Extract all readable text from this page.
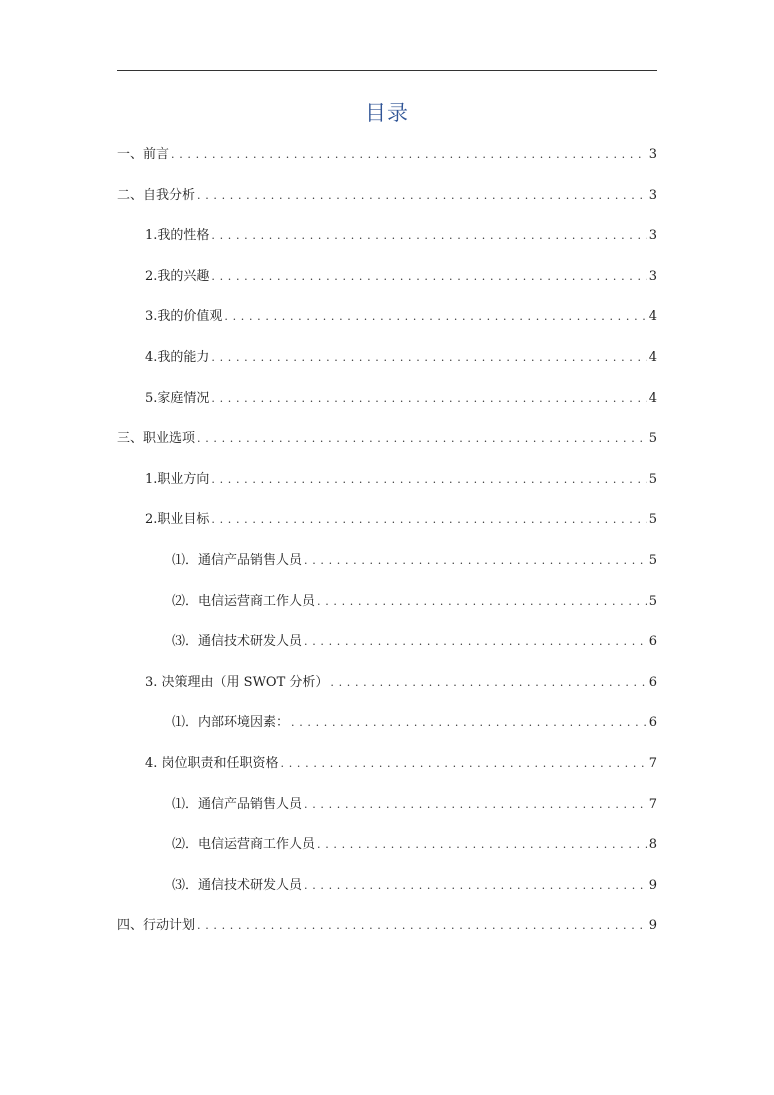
目录
一、前言 . . .	3
二、自我分析 . . .	3
1.我的性格 . . .	3
2.我的兴趣 . . .	3
3.我的价值观 . . .	4
4.我的能力 . . .	4
5.家庭情况 . . .	4
三、职业选项 . . .	5
1.职业方向 . . .	5
2.职业目标 . . .	5
⑴．通信产品销售人员 . . .	5
⑵．电信运营商工作人员 . . .	5
⑶．通信技术研发人员 . . .	6
3. 决策理由（用 SWOT 分析） . . .	6
⑴．内部环境因素： . . .	6
4. 岗位职责和任职资格 . . .	7
⑴．通信产品销售人员 . . .	7
⑵．电信运营商工作人员 . . .	8
⑶．通信技术研发人员 . . .	9
四、行动计划 . . .	9
